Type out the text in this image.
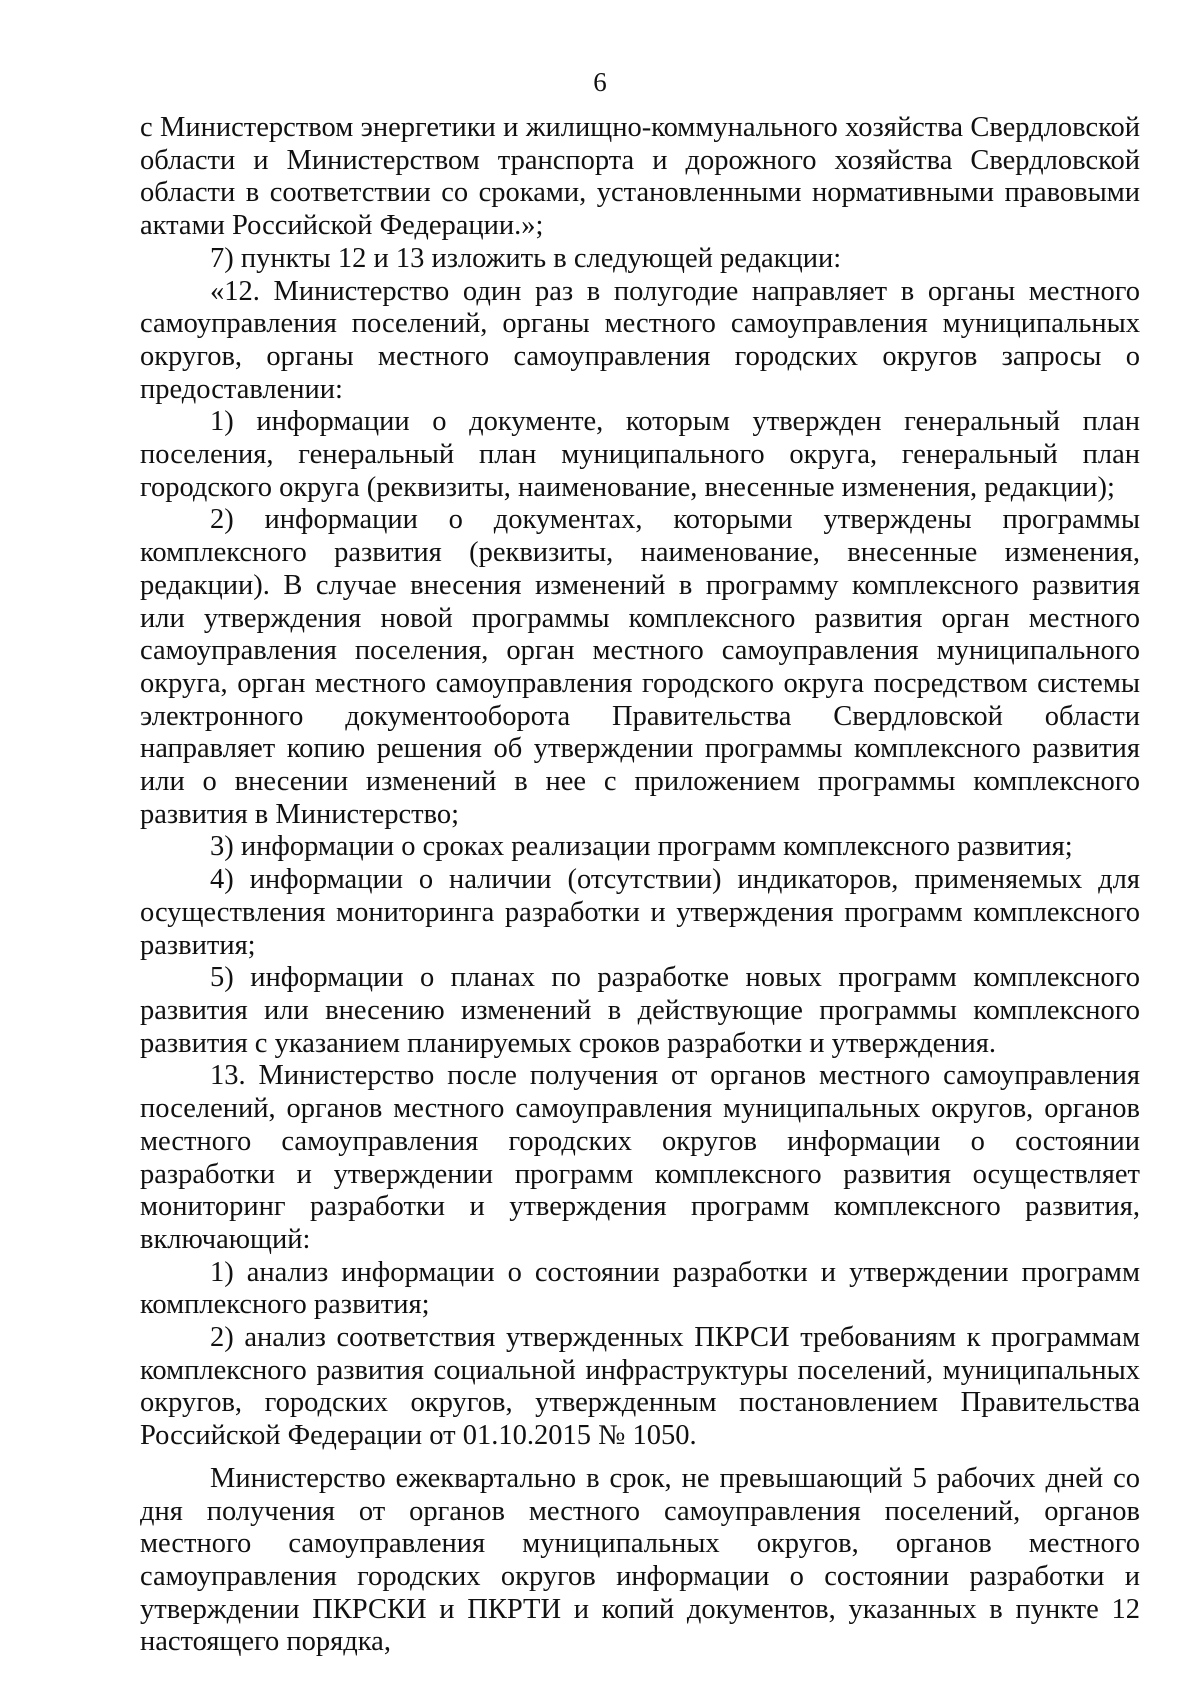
6

с Министерством энергетики и жилищно-коммунального хозяйства Свердловской области и Министерством транспорта и дорожного хозяйства Свердловской области в соответствии со сроками, установленными нормативными правовыми актами Российской Федерации.»;

7) пункты 12 и 13 изложить в следующей редакции:

«12. Министерство один раз в полугодие направляет в органы местного самоуправления поселений, органы местного самоуправления муниципальных округов, органы местного самоуправления городских округов запросы о предоставлении:

1) информации о документе, которым утвержден генеральный план поселения, генеральный план муниципального округа, генеральный план городского округа (реквизиты, наименование, внесенные изменения, редакции);

2) информации о документах, которыми утверждены программы комплексного развития (реквизиты, наименование, внесенные изменения, редакции). В случае внесения изменений в программу комплексного развития или утверждения новой программы комплексного развития орган местного самоуправления поселения, орган местного самоуправления муниципального округа, орган местного самоуправления городского округа посредством системы электронного документооборота Правительства Свердловской области направляет копию решения об утверждении программы комплексного развития или о внесении изменений в нее с приложением программы комплексного развития в Министерство;

3) информации о сроках реализации программ комплексного развития;

4) информации о наличии (отсутствии) индикаторов, применяемых для осуществления мониторинга разработки и утверждения программ комплексного развития;

5) информации о планах по разработке новых программ комплексного развития или внесению изменений в действующие программы комплексного развития с указанием планируемых сроков разработки и утверждения.

13. Министерство после получения от органов местного самоуправления поселений, органов местного самоуправления муниципальных округов, органов местного самоуправления городских округов информации о состоянии разработки и утверждении программ комплексного развития осуществляет мониторинг разработки и утверждения программ комплексного развития, включающий:

1) анализ информации о состоянии разработки и утверждении программ комплексного развития;

2) анализ соответствия утвержденных ПКРСИ требованиям к программам комплексного развития социальной инфраструктуры поселений, муниципальных округов, городских округов, утвержденным постановлением Правительства Российской Федерации от 01.10.2015 № 1050.

Министерство ежеквартально в срок, не превышающий 5 рабочих дней со дня получения от органов местного самоуправления поселений, органов местного самоуправления муниципальных округов, органов местного самоуправления городских округов информации о состоянии разработки и утверждении ПКРСКИ и ПКРТИ и копий документов, указанных в пункте 12 настоящего порядка,
